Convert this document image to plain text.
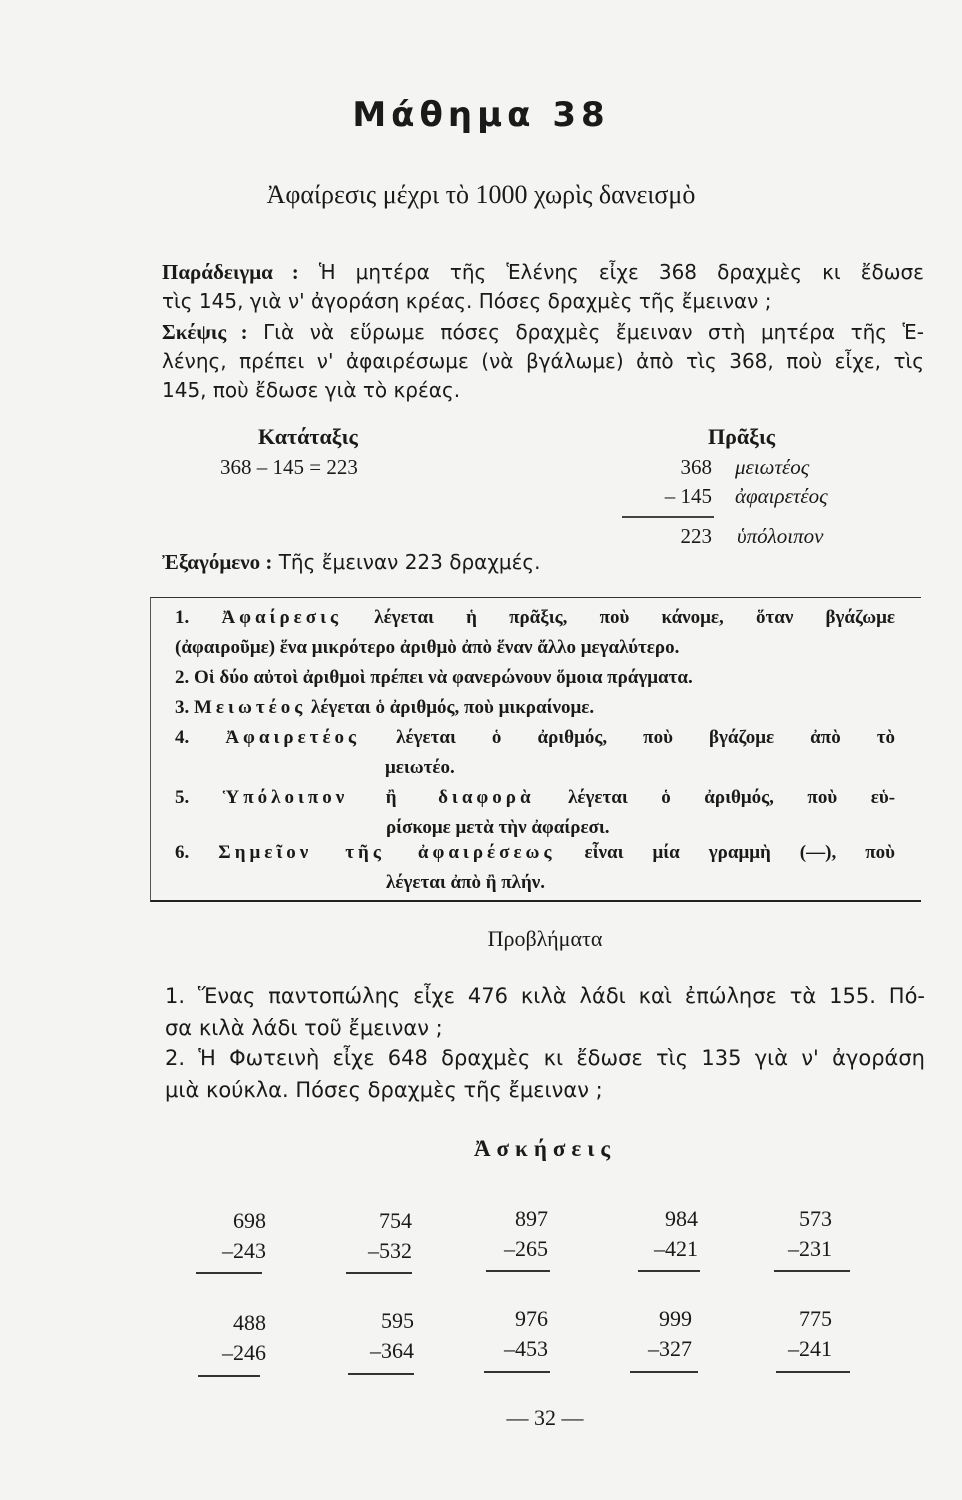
Μάθημα 38
Ἀφαίρεσις μέχρι τὸ 1000 χωρὶς δανεισμὸ
Παράδειγμα : Ἡ μητέρα τῆς Ἑλένης εἶχε 368 δραχμὲς κι ἔδωσε
τὶς 145, γιὰ ν' ἀγοράση κρέας. Πόσες δραχμὲς τῆς ἔμειναν ;
Σκέψις : Γιὰ νὰ εὕρωμε πόσες δραχμὲς ἔμειναν στὴ μητέρα τῆς Ἑ-
λένης, πρέπει ν' ἀφαιρέσωμε (νὰ βγάλωμε) ἀπὸ τὶς 368, ποὺ εἶχε, τὶς
145, ποὺ ἔδωσε γιὰ τὸ κρέας.
Κατάταξις
368 – 145 = 223
Πρᾶξις
368 μειωτέος
– 145 ἀφαιρετέος
223 ὑπόλοιπον
Ἐξαγόμενο : Τῆς ἔμειναν 223 δραχμές.
1. Ἀφαίρεσις λέγεται ἡ πρᾶξις, ποὺ κάνομε, ὅταν βγάζωμε
(ἀφαιροῦμε) ἕνα μικρότερο ἀριθμὸ ἀπὸ ἕναν ἄλλο μεγαλύτερο.
2. Οἱ δύο αὐτοὶ ἀριθμοὶ πρέπει νὰ φανερώνουν ὅμοια πράγματα.
3. Μειωτέος λέγεται ὁ ἀριθμός, ποὺ μικραίνομε.
4. Ἀφαιρετέος λέγεται ὁ ἀριθμός, ποὺ βγάζομε ἀπὸ τὸ
μειωτέο.
5. Ὑπόλοιπον ἢ διαφορὰ λέγεται ὁ ἀριθμός, ποὺ εὑ-
ρίσκομε μετὰ τὴν ἀφαίρεσι.
6. Σημεῖον τῆς ἀφαιρέσεως εἶναι μία γραμμὴ (—), ποὺ
λέγεται ἀπὸ ἢ πλήν.
Προβλήματα
1. Ἕνας παντοπώλης εἶχε 476 κιλὰ λάδι καὶ ἐπώλησε τὰ 155. Πό-
σα κιλὰ λάδι τοῦ ἔμειναν ;
2. Ἡ Φωτεινὴ εἶχε 648 δραχμὲς κι ἔδωσε τὶς 135 γιὰ ν' ἀγοράση
μιὰ κούκλα. Πόσες δραχμὲς τῆς ἔμειναν ;
Ἀσκήσεις
698
–243
754
–532
897
–265
984
–421
573
–231
488
–246
595
–364
976
–453
999
–327
775
–241
— 32 —
